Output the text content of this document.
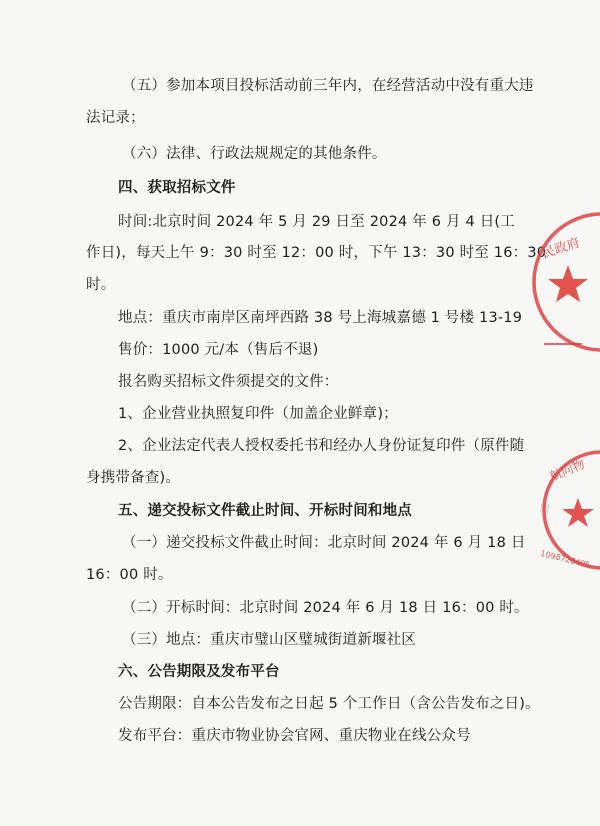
（五）参加本项目投标活动前三年内，在经营活动中没有重大违
法记录；
（六）法律、行政法规规定的其他条件。
四、获取招标文件
时间:北京时间 2024 年 5 月 29 日至 2024 年 6 月 4 日(工
作日)，每天上午 9：30 时至 12：00 时，下午 13：30 时至 16：30
时。
地点：重庆市南岸区南坪西路 38 号上海城嘉德 1 号楼 13-19
售价：1000 元/本（售后不退)
报名购买招标文件须提交的文件：
1、企业营业执照复印件（加盖企业鲜章)；
2、企业法定代表人授权委托书和经办人身份证复印件（原件随
身携带备查)。
五、递交投标文件截止时间、开标时间和地点
（一）递交投标文件截止时间：北京时间 2024 年 6 月 18 日
16：00 时。
（二）开标时间：北京时间 2024 年 6 月 18 日 16：00 时。
（三）地点：重庆市璧山区璧城街道新堰社区
六、公告期限及发布平台
公告期限：自本公告发布之日起 5 个工作日（含公告发布之日)。
发布平台：重庆市物业协会官网、重庆物业在线公众号
民政府
航向物
三
1098726405
